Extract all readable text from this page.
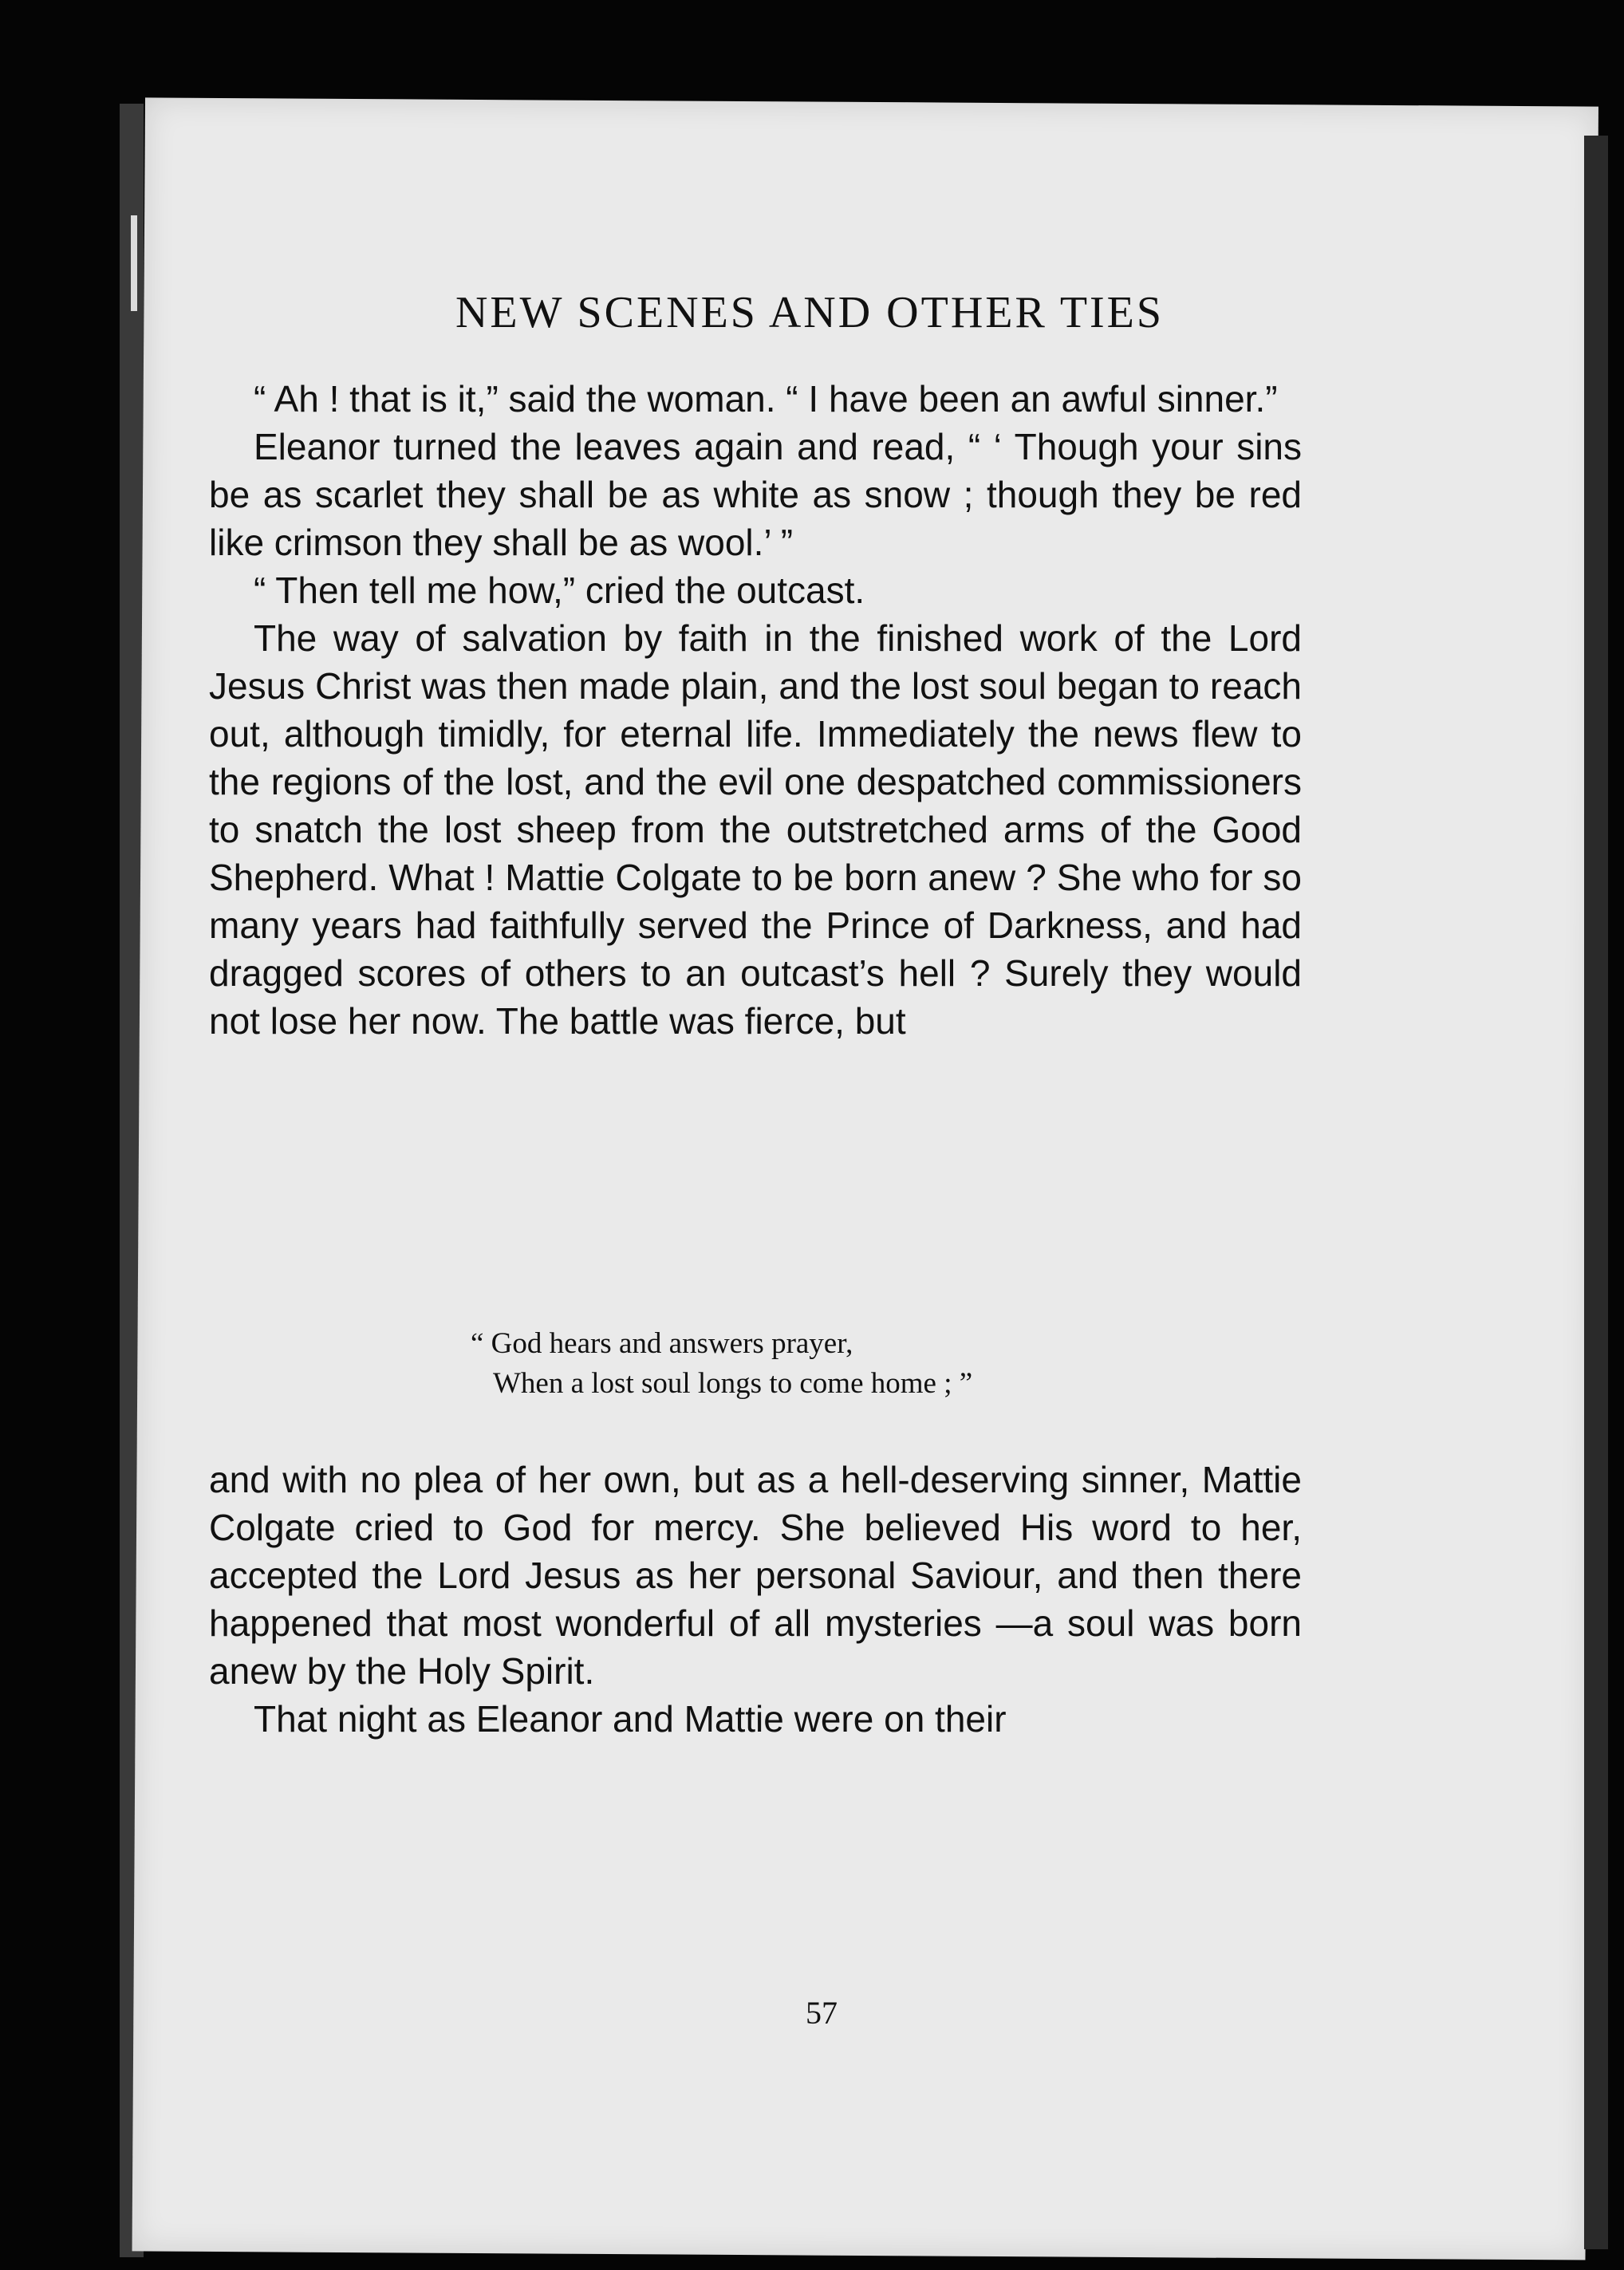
NEW SCENES AND OTHER TIES

“ Ah ! that is it,” said the woman. “ I have been an awful sinner.”

Eleanor turned the leaves again and read, “ ‘ Though your sins be as scarlet they shall be as white as snow ; though they be red like crimson they shall be as wool.’ ”

“ Then tell me how,” cried the outcast.

The way of salvation by faith in the finished work of the Lord Jesus Christ was then made plain, and the lost soul began to reach out, although timidly, for eternal life. Immediately the news flew to the regions of the lost, and the evil one despatched commissioners to snatch the lost sheep from the outstretched arms of the Good Shepherd. What ! Mattie Colgate to be born anew ? She who for so many years had faithfully served the Prince of Darkness, and had dragged scores of others to an outcast’s hell ? Surely they would not lose her now. The battle was fierce, but

“ God hears and answers prayer,
When a lost soul longs to come home ; ”

and with no plea of her own, but as a hell-deserving sinner, Mattie Colgate cried to God for mercy. She believed His word to her, accepted the Lord Jesus as her personal Saviour, and then there happened that most wonderful of all mysteries —a soul was born anew by the Holy Spirit.

That night as Eleanor and Mattie were on their

57
